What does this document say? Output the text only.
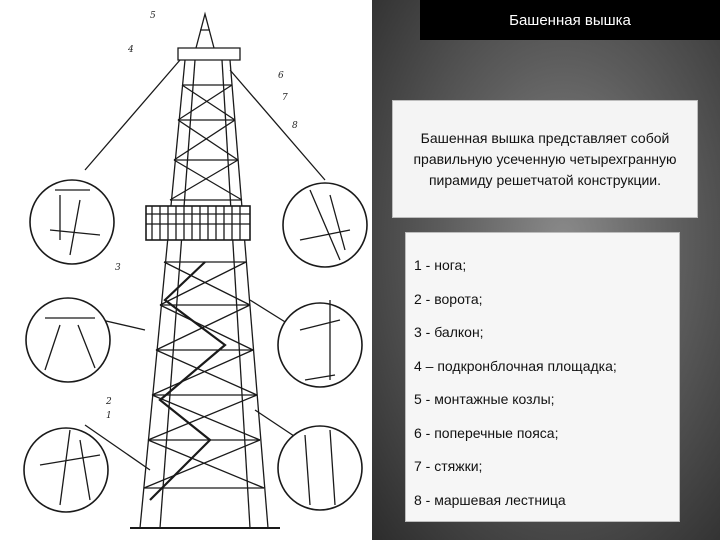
5
4
6
7
8
3
2
1
Башенная вышка
Башенная вышка представляет собой правильную усеченную четырехгранную пирамиду решетчатой конструкции.
1 - нога;
2 - ворота;
3 - балкон;
4 – подкронблочная площадка;
5 - монтажные козлы;
6 - поперечные пояса;
7 - стяжки;
8 - маршевая лестница
